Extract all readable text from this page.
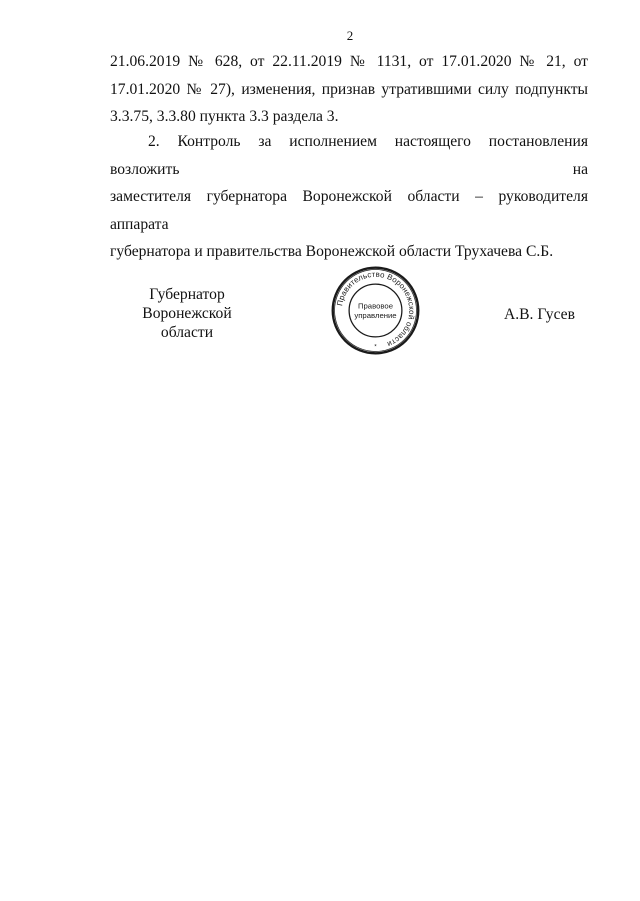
2

21.06.2019 № 628, от 22.11.2019 № 1131, от 17.01.2020 № 21, от

17.01.2020 № 27), изменения, признав утратившими силу подпункты

3.3.75, 3.3.80 пункта 3.3 раздела 3.

2. Контроль за исполнением настоящего постановления возложить на

заместителя губернатора Воронежской области – руководителя аппарата

губернатора и правительства Воронежской области Трухачева С.Б.

Губернатор
Воронежской области
А.В. Гусев
Правительство Воронежской области
Правовое
управление
*
